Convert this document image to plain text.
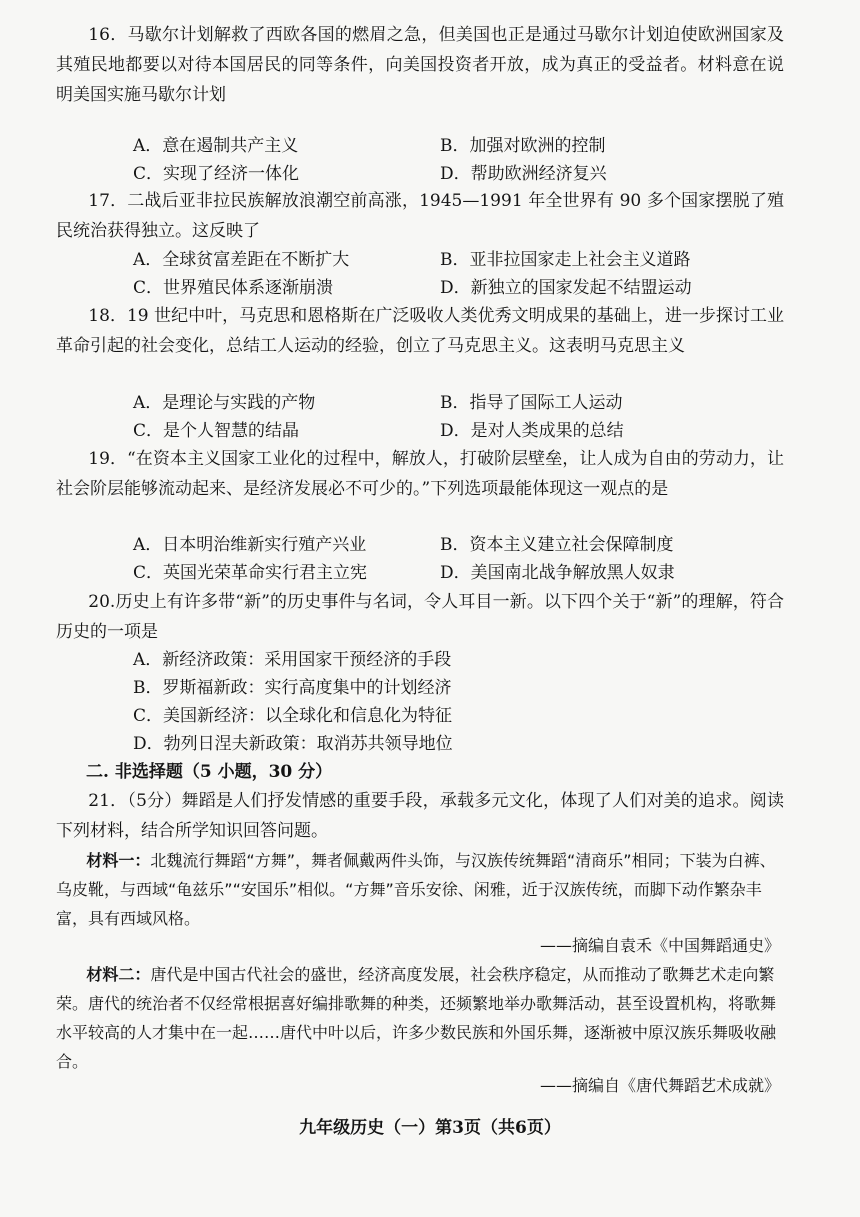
16．马歇尔计划解救了西欧各国的燃眉之急，但美国也正是通过马歇尔计划迫使欧洲国家及其殖民地都要以对待本国居民的同等条件，向美国投资者开放，成为真正的受益者。材料意在说明美国实施马歇尔计划

A．意在遏制共产主义	B．加强对欧洲的控制
C．实现了经济一体化	D．帮助欧洲经济复兴

17．二战后亚非拉民族解放浪潮空前高涨，1945—1991 年全世界有 90 多个国家摆脱了殖民统治获得独立。这反映了

A．全球贫富差距在不断扩大	B．亚非拉国家走上社会主义道路
C．世界殖民体系逐渐崩溃	D．新独立的国家发起不结盟运动

18．19 世纪中叶，马克思和恩格斯在广泛吸收人类优秀文明成果的基础上，进一步探讨工业革命引起的社会变化，总结工人运动的经验，创立了马克思主义。这表明马克思主义

A．是理论与实践的产物	B．指导了国际工人运动
C．是个人智慧的结晶	D．是对人类成果的总结

19．“在资本主义国家工业化的过程中，解放人，打破阶层壁垒，让人成为自由的劳动力，让社会阶层能够流动起来、是经济发展必不可少的。”下列选项最能体现这一观点的是

A．日本明治维新实行殖产兴业	B．资本主义建立社会保障制度
C．英国光荣革命实行君主立宪	D．美国南北战争解放黑人奴隶

20.历史上有许多带“新”的历史事件与名词，令人耳目一新。以下四个关于“新”的理解，符合历史的一项是

A．新经济政策：采用国家干预经济的手段
B．罗斯福新政：实行高度集中的计划经济
C．美国新经济：以全球化和信息化为特征
D．勃列日涅夫新政策：取消苏共领导地位
二. 非选择题（5 小题，30 分）

21．（5分）舞蹈是人们抒发情感的重要手段，承载多元文化，体现了人们对美的追求。阅读下列材料，结合所学知识回答问题。

材料一：北魏流行舞蹈“方舞”，舞者佩戴两件头饰，与汉族传统舞蹈“清商乐”相同；下装为白裤、乌皮靴，与西域“龟兹乐”“安国乐”相似。“方舞”音乐安徐、闲雅，近于汉族传统，而脚下动作繁杂丰富，具有西域风格。

——摘编自袁禾《中国舞蹈通史》

材料二：唐代是中国古代社会的盛世，经济高度发展，社会秩序稳定，从而推动了歌舞艺术走向繁荣。唐代的统治者不仅经常根据喜好编排歌舞的种类，还频繁地举办歌舞活动，甚至设置机构，将歌舞水平较高的人才集中在一起……唐代中叶以后，许多少数民族和外国乐舞，逐渐被中原汉族乐舞吸收融合。

——摘编自《唐代舞蹈艺术成就》
九年级历史（一）第3页（共6页）
